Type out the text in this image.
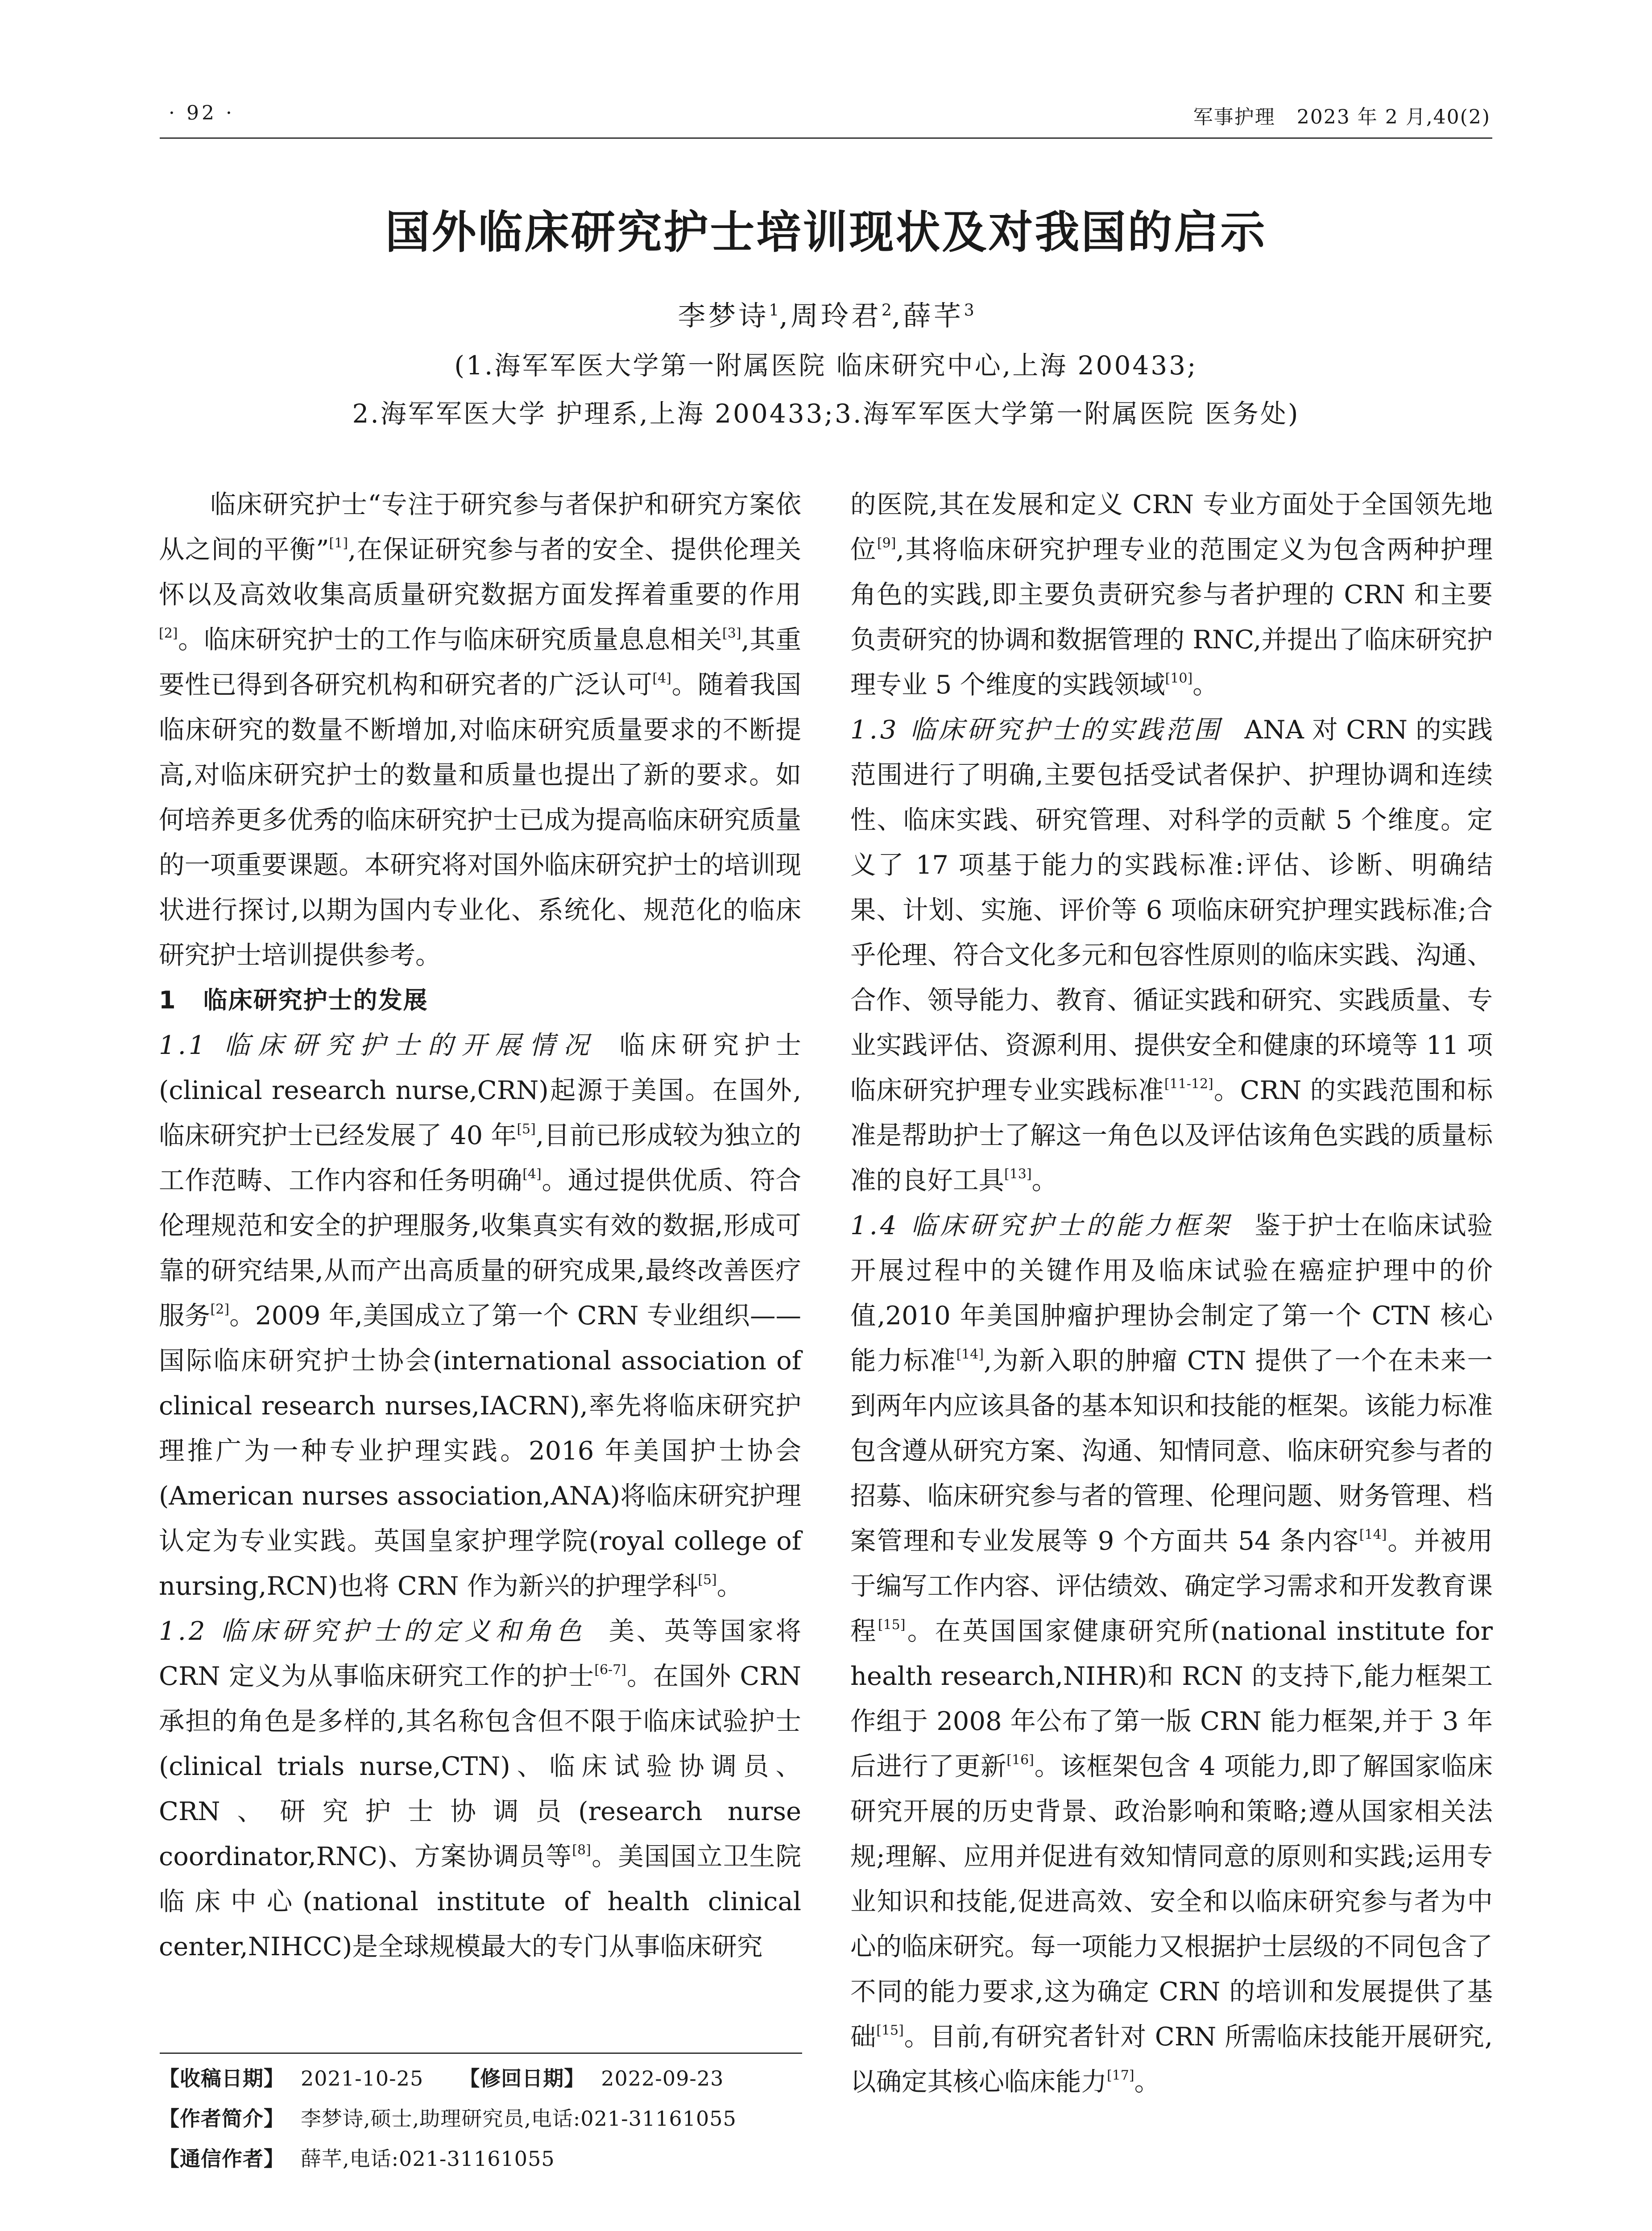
· 92 ·	军事护理 2023 年 2 月,40(2)
国外临床研究护士培训现状及对我国的启示
李梦诗$^1$,周玲君$^2$,薛芊$^3$
(1.海军军医大学第一附属医院 临床研究中心,上海 200433;
2.海军军医大学 护理系,上海 200433;3.海军军医大学第一附属医院 医务处)

临床研究护士“专注于研究参与者保护和研究方案依从之间的平衡”[1],在保证研究参与者的安全、提供伦理关怀以及高效收集高质量研究数据方面发挥着重要的作用[2]。临床研究护士的工作与临床研究质量息息相关[3],其重要性已得到各研究机构和研究者的广泛认可[4]。随着我国临床研究的数量不断增加,对临床研究质量要求的不断提高,对临床研究护士的数量和质量也提出了新的要求。如何培养更多优秀的临床研究护士已成为提高临床研究质量的一项重要课题。本研究将对国外临床研究护士的培训现状进行探讨,以期为国内专业化、系统化、规范化的临床研究护士培训提供参考。

1 临床研究护士的发展

1.1 临床研究护士的开展情况 临床研究护士(clinical research nurse,CRN)起源于美国。在国外,临床研究护士已经发展了 40 年[5],目前已形成较为独立的工作范畴、工作内容和任务明确[4]。通过提供优质、符合伦理规范和安全的护理服务,收集真实有效的数据,形成可靠的研究结果,从而产出高质量的研究成果,最终改善医疗服务[2]。2009 年,美国成立了第一个 CRN 专业组织——国际临床研究护士协会(international association of clinical research nurses,IACRN),率先将临床研究护理推广为一种专业护理实践。2016 年美国护士协会(American nurses association,ANA)将临床研究护理认定为专业实践。英国皇家护理学院(royal college of nursing,RCN)也将 CRN 作为新兴的护理学科[5]。

1.2 临床研究护士的定义和角色 美、英等国家将 CRN 定义为从事临床研究工作的护士[6-7]。在国外 CRN 承担的角色是多样的,其名称包含但不限于临床试验护士(clinical trials nurse,CTN)、临床试验协调员、CRN、研究护士协调员(research nurse coordinator,RNC)、方案协调员等[8]。美国国立卫生院临床中心(national institute of health clinical center,NIHCC)是全球规模最大的专门从事临床研究

的医院,其在发展和定义 CRN 专业方面处于全国领先地位[9],其将临床研究护理专业的范围定义为包含两种护理角色的实践,即主要负责研究参与者护理的 CRN 和主要负责研究的协调和数据管理的 RNC,并提出了临床研究护理专业 5 个维度的实践领域[10]。

1.3 临床研究护士的实践范围 ANA 对 CRN 的实践范围进行了明确,主要包括受试者保护、护理协调和连续性、临床实践、研究管理、对科学的贡献 5 个维度。定义了 17 项基于能力的实践标准:评估、诊断、明确结果、计划、实施、评价等 6 项临床研究护理实践标准;合乎伦理、符合文化多元和包容性原则的临床实践、沟通、合作、领导能力、教育、循证实践和研究、实践质量、专业实践评估、资源利用、提供安全和健康的环境等 11 项临床研究护理专业实践标准[11-12]。CRN 的实践范围和标准是帮助护士了解这一角色以及评估该角色实践的质量标准的良好工具[13]。

1.4 临床研究护士的能力框架 鉴于护士在临床试验开展过程中的关键作用及临床试验在癌症护理中的价值,2010 年美国肿瘤护理协会制定了第一个 CTN 核心能力标准[14],为新入职的肿瘤 CTN 提供了一个在未来一到两年内应该具备的基本知识和技能的框架。该能力标准包含遵从研究方案、沟通、知情同意、临床研究参与者的招募、临床研究参与者的管理、伦理问题、财务管理、档案管理和专业发展等 9 个方面共 54 条内容[14]。并被用于编写工作内容、评估绩效、确定学习需求和开发教育课程[15]。在英国国家健康研究所(national institute for health research,NIHR)和 RCN 的支持下,能力框架工作组于 2008 年公布了第一版 CRN 能力框架,并于 3 年后进行了更新[16]。该框架包含 4 项能力,即了解国家临床研究开展的历史背景、政治影响和策略;遵从国家相关法规;理解、应用并促进有效知情同意的原则和实践;运用专业知识和技能,促进高效、安全和以临床研究参与者为中心的临床研究。每一项能力又根据护士层级的不同包含了不同的能力要求,这为确定 CRN 的培训和发展提供了基础[15]。目前,有研究者针对 CRN 所需临床技能开展研究,以确定其核心临床能力[17]。

【收稿日期】 2021-10-25 【修回日期】 2022-09-23
【作者简介】 李梦诗,硕士,助理研究员,电话:021-31161055
【通信作者】 薛芊,电话:021-31161055
